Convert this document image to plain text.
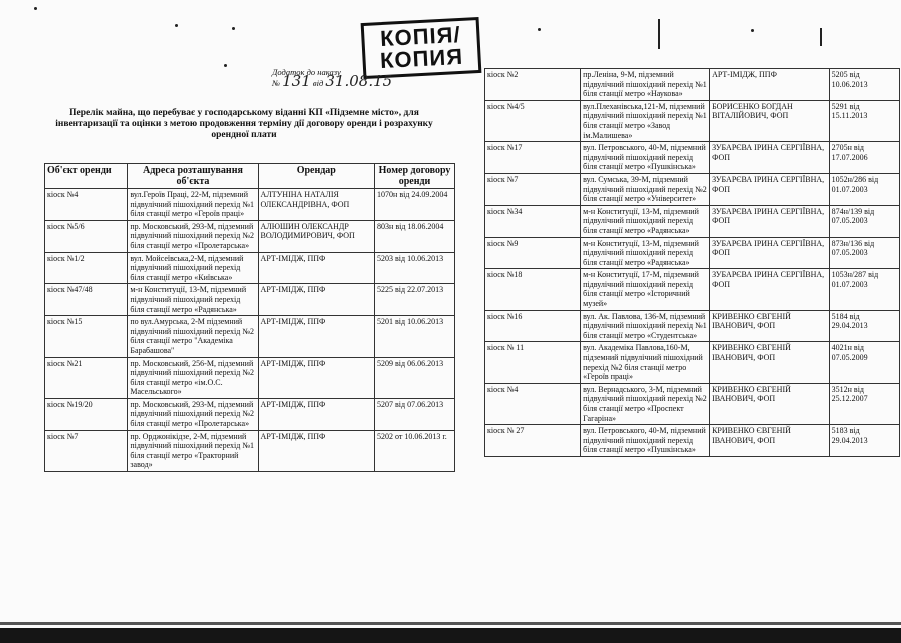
КОПІЯ/
КОПИЯ
Додаток до наказу
№ 131 від 31.08.15
Перелік майна, що перебуває у господарському віданні КП «Підземне місто», для інвентаризації та оцінки з метою продовження терміну дії договору оренди і розрахунку орендної плати
Об'єкт оренди	Адреса розташування об'єкта	Орендар	Номер договору оренди
кіоск №4	вул.Героїв Праці, 22-М, підземний підвулічний пішохідний перехід №1 біля станції метро «Героїв праці»	АЛТУНІНА НАТАЛІЯ ОЛЕКСАНДРІВНА, ФОП	1070н від 24.09.2004
кіоск №5/6	пр. Московський, 293-М, підземний підвулічний пішохідний перехід №2 біля станції метро «Пролетарська»	АЛЮШИН ОЛЕКСАНДР ВОЛОДИМИРОВИЧ, ФОП	803н від 18.06.2004
кіоск №1/2	вул. Мойсеївська,2-М, підземний підвулічний пішохідний перехід біля станції метро «Київська»	АРТ-ІМІДЖ, ППФ	5203 від 10.06.2013
кіоск №47/48	м-н Конституції, 13-М, підземний підвулічний пішохідний перехід біля станції метро «Радянська»	АРТ-ІМІДЖ, ППФ	5225 від 22.07.2013
кіоск №15	по вул.Амурська, 2-М підземний підвулічний пішохідний перехід №2 біля станції метро "Академіка Барабашова"	АРТ-ІМІДЖ, ППФ	5201 від 10.06.2013
кіоск №21	пр. Московський, 256-М, підземний підвулічний пішохідний перехід №2 біля станції метро «ім.О.С. Масельського»	АРТ-ІМІДЖ, ППФ	5209 від 06.06.2013
кіоск №19/20	пр. Московський, 293-М, підземний підвулічний пішохідний перехід №2 біля станції метро «Пролетарська»	АРТ-ІМІДЖ, ППФ	5207 від 07.06.2013
кіоск №7	пр. Орджонікідзе, 2-М, підземний підвулічний пішохідний перехід №1 біля станції метро «Тракторний завод»	АРТ-ІМІДЖ, ППФ	5202 от 10.06.2013 г.
кіоск №2	пр.Леніна, 9-М, підземний підвулічний пішохідний перехід №1 біля станції метро «Наукова»	АРТ-ІМІДЖ, ППФ	5205 від 10.06.2013
кіоск №4/5	вул.Плеханівська,121-М, підземний підвулічний пішохідний перехід №1 біля станції метро «Завод ім.Малишева»	БОРИСЕНКО БОГДАН ВІТАЛІЙОВИЧ, ФОП	5291 від 15.11.2013
кіоск №17	вул. Петровського, 40-М, підземний підвулічний пішохідний перехід біля станції метро «Пушкінська»	ЗУБАРЄВА ІРИНА СЕРГІЇВНА, ФОП	2705н від 17.07.2006
кіоск №7	вул. Сумська, 39-М, підземний підвулічний пішохідний перехід №2 біля станції метро «Університет»	ЗУБАРЄВА ІРИНА СЕРГІЇВНА, ФОП	1052н/286 від 01.07.2003
кіоск №34	м-н Конституції, 13-М, підземний підвулічний пішохідний перехід біля станції метро «Радянська»	ЗУБАРЄВА ІРИНА СЕРГІЇВНА, ФОП	874н/139 від 07.05.2003
кіоск №9	м-н Конституції, 13-М, підземний підвулічний пішохідний перехід біля станції метро «Радянська»	ЗУБАРЄВА ІРИНА СЕРГІЇВНА, ФОП	873н/136 від 07.05.2003
кіоск №18	м-н Конституції, 17-М, підземний підвулічний пішохідний перехід біля станції метро «Історичний музей»	ЗУБАРЄВА ІРИНА СЕРГІЇВНА, ФОП	1053н/287 від 01.07.2003
кіоск №16	вул. Ак. Павлова, 136-М, підземний підвулічний пішохідний перехід №1 біля станції метро «Студентська»	КРИВЕНКО ЄВГЕНІЙ ІВАНОВИЧ, ФОП	5184 від 29.04.2013
кіоск № 11	вул. Академіка Павлова,160-М, підземний підвулічний пішохідний перехід №2 біля станції метро «Героїв праці»	КРИВЕНКО ЄВГЕНІЙ ІВАНОВИЧ, ФОП	4021н від 07.05.2009
кіоск №4	вул. Вернадського, 3-М, підземний підвулічний пішохідний перехід №2 біля станції метро «Проспект Гагаріна»	КРИВЕНКО ЄВГЕНІЙ ІВАНОВИЧ, ФОП	3512н від 25.12.2007
кіоск № 27	вул. Петровського, 40-М, підземний підвулічний пішохідний перехід біля станції метро «Пушкінська»	КРИВЕНКО ЄВГЕНІЙ ІВАНОВИЧ, ФОП	5183 від 29.04.2013
